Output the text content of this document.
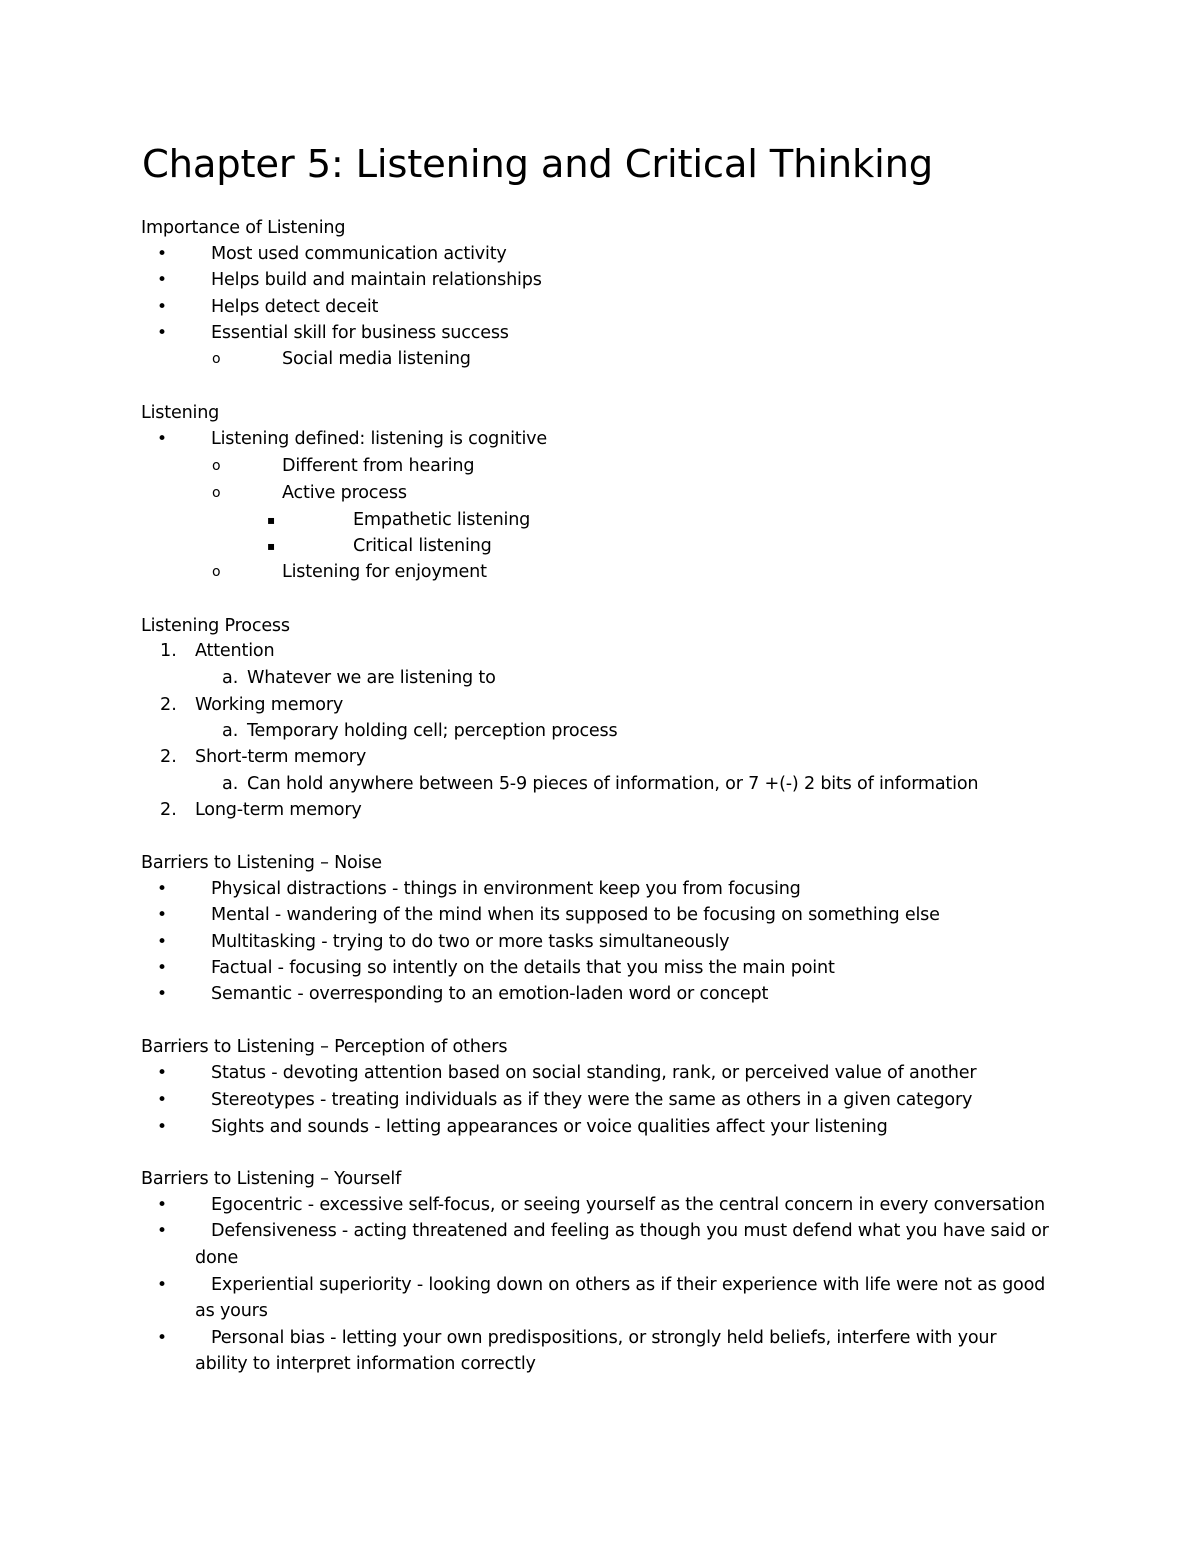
Chapter 5: Listening and Critical Thinking
Importance of Listening
• Most used communication activity
• Helps build and maintain relationships
• Helps detect deceit
• Essential skill for business success
o	Social media listening
Listening
• Listening defined: listening is cognitive
o	Different from hearing
o	Active process
▪	Empathetic listening
▪	Critical listening
o	Listening for enjoyment
Listening Process
1. Attention
a. Whatever we are listening to
2. Working memory
a. Temporary holding cell; perception process
2. Short-term memory
a. Can hold anywhere between 5-9 pieces of information, or 7 +(-) 2 bits of information
2. Long-term memory
Barriers to Listening – Noise
• Physical distractions - things in environment keep you from focusing
• Mental - wandering of the mind when its supposed to be focusing on something else
• Multitasking - trying to do two or more tasks simultaneously
• Factual - focusing so intently on the details that you miss the main point
• Semantic - overresponding to an emotion-laden word or concept
Barriers to Listening – Perception of others
• Status - devoting attention based on social standing, rank, or perceived value of another
• Stereotypes - treating individuals as if they were the same as others in a given category
• Sights and sounds - letting appearances or voice qualities affect your listening
Barriers to Listening – Yourself
• Egocentric - excessive self-focus, or seeing yourself as the central concern in every conversation
• Defensiveness - acting threatened and feeling as though you must defend what you have said or
done
• Experiential superiority - looking down on others as if their experience with life were not as good
as yours
• Personal bias - letting your own predispositions, or strongly held beliefs, interfere with your
ability to interpret information correctly
